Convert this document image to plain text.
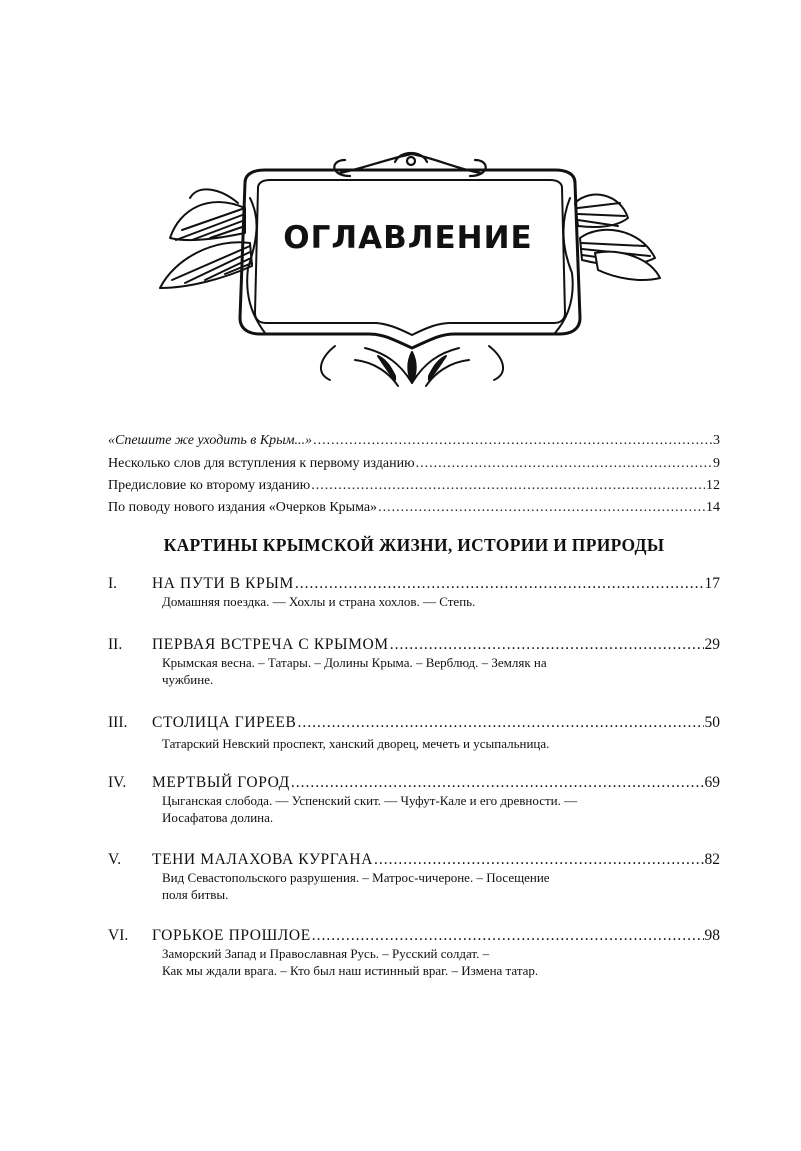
ОГЛАВЛЕНИЕ
«Спешите же уходить в Крым...» .....	3
Несколько слов для вступления к первому изданию .....	9
Предисловие ко второму изданию .....	12
По поводу нового издания «Очерков Крыма» .....	14
КАРТИНЫ КРЫМСКОЙ ЖИЗНИ, ИСТОРИИ И ПРИРОДЫ
I.	НА ПУТИ В КРЫМ .....	17
Домашняя поездка. — Хохлы и страна хохлов. — Степь.
II.	ПЕРВАЯ ВСТРЕЧА С КРЫМОМ .....	29
Крымская весна. – Татары. – Долины Крыма. – Верблюд. – Земляк на
чужбине.
III.	СТОЛИЦА ГИРЕЕВ .....	50
Татарский Невский проспект, ханский дворец, мечеть и усыпальница.
IV.	МЕРТВЫЙ ГОРОД .....	69
Цыганская слобода. — Успенский скит. — Чуфут-Кале и его древности. —
Иосафатова долина.
V.	ТЕНИ МАЛАХОВА КУРГАНА .....	82
Вид Севастопольского разрушения. – Матрос-чичероне. – Посещение
поля битвы.
VI.	ГОРЬКОЕ ПРОШЛОЕ .....	98
Заморский Запад и Православная Русь. – Русский солдат. –
Как мы ждали врага. – Кто был наш истинный враг. – Измена татар.
